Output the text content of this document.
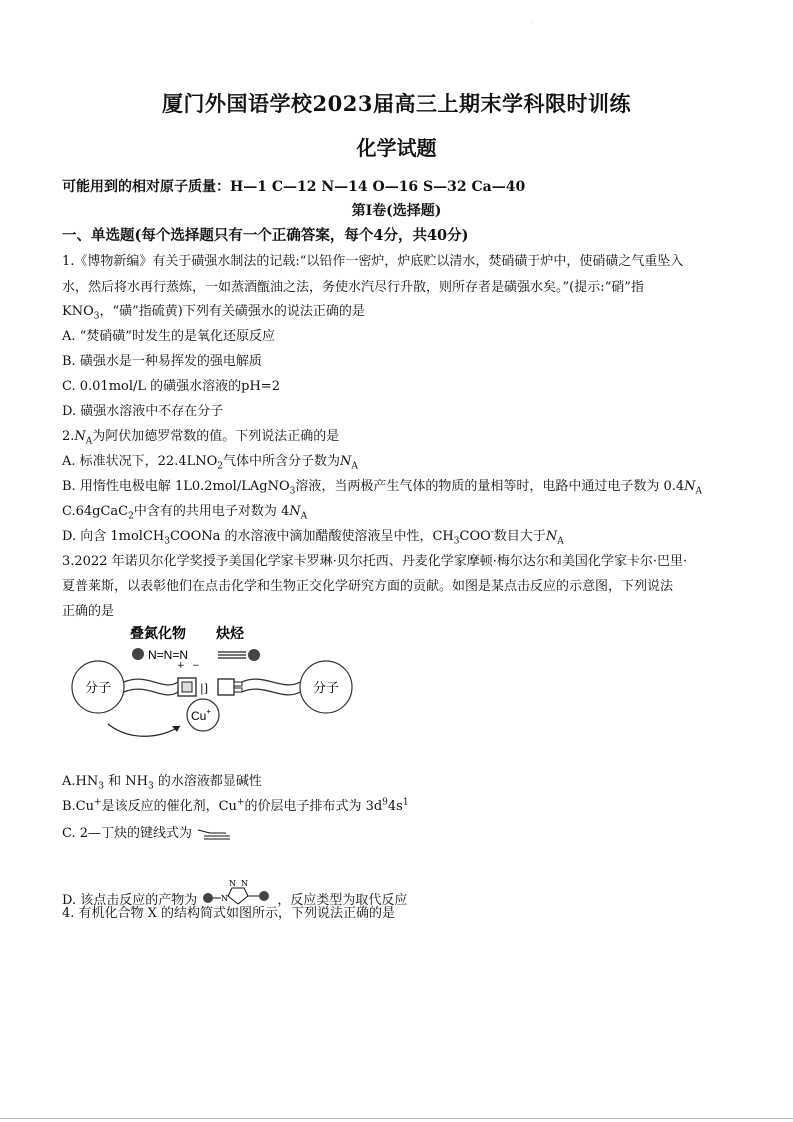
·
厦门外国语学校2023届高三上期末学科限时训练
化学试题
可能用到的相对原子质量：H—1 C—12 N—14 O—16 S—32 Ca—40
第Ⅰ卷(选择题)
一、单选题(每个选择题只有一个正确答案，每个4分，共40分)
1.《博物新编》有关于磺强水制法的记载:“以铅作一密炉，炉底贮以清水，焚硝磺于炉中，使硝磺之气重坠入
水，然后将水再行蒸炼，一如蒸酒甑油之法，务使水汽尽行升散，则所存者是磺强水矣。”(提示:“硝”指
$KNO_3$，“磺”指硫黄)下列有关磺强水的说法正确的是
A. “焚硝磺”时发生的是氧化还原反应
B. 磺强水是一种易挥发的强电解质
C. 0.01mol/L 的磺强水溶液的pH=2
D. 磺强水溶液中不存在分子
$2.N_A$为阿伏加德罗常数的值。下列说法正确的是
A. 标准状况下，$22.4LNO_2$气体中所含分子数为$N_A$
B. 用惰性电极电解 1L0.2mol/LAgNO$_3$溶液，当两极产生气体的物质的量相等时，电路中通过电子数为 $0.4N_A$
C.64gCaC$_2$中含有的共用电子对数为 $4N_A$
D. 向含 1molCH$_3$COONa 的水溶液中滴加醋酸使溶液呈中性，$CH_3COO^-$数目大于$N_A$
3.2022 年诺贝尔化学奖授予美国化学家卡罗琳·贝尔托西、丹麦化学家摩顿·梅尔达尔和美国化学家卡尔·巴里·
夏普莱斯，以表彰他们在点击化学和生物正交化学研究方面的贡献。如图是某点击反应的示意图，下列说法
正确的是
叠氮化物 炔烃
N=N=N
+ −
分子	分子
|]
Cu+
$A.HN_3$ 和 $NH_3$ 的水溶液都显碱性
B.Cu+是该反应的催化剂，Cu+的价层电子排布式为 $3d^94s^1$
C. 2—丁炔的键线式为
D. 该点击反应的产物为	N
N N
，反应类型为取代反应
4. 有机化合物 X 的结构简式如图所示，下列说法正确的是
